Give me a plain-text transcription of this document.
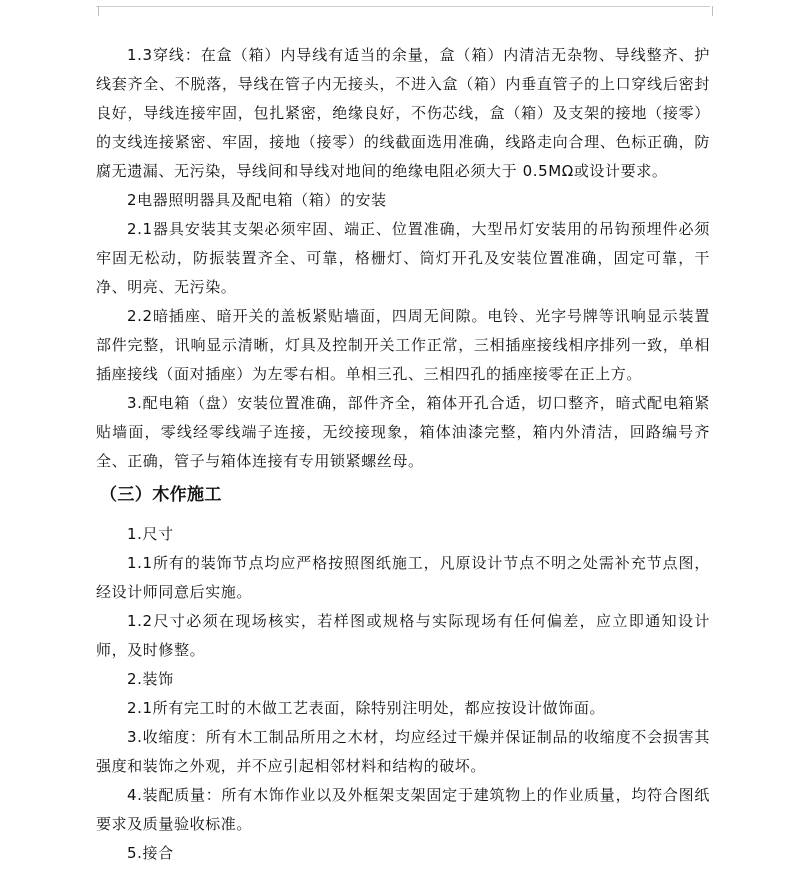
1.3穿线：在盒（箱）内导线有适当的余量，盒（箱）内清洁无杂物、导线整齐、护线套齐全、不脱落，导线在管子内无接头，不进入盒（箱）内垂直管子的上口穿线后密封良好，导线连接牢固，包扎紧密，绝缘良好，不伤芯线，盒（箱）及支架的接地（接零）的支线连接紧密、牢固，接地（接零）的线截面选用准确，线路走向合理、色标正确，防腐无遗漏、无污染，导线间和导线对地间的绝缘电阻必须大于 0.5MΩ或设计要求。

2电器照明器具及配电箱（箱）的安装

2.1器具安装其支架必须牢固、端正、位置准确，大型吊灯安装用的吊钩预埋件必须牢固无松动，防振装置齐全、可靠，格栅灯、筒灯开孔及安装位置准确，固定可靠，干净、明亮、无污染。

2.2暗插座、暗开关的盖板紧贴墙面，四周无间隙。电铃、光字号牌等讯响显示装置部件完整，讯响显示清晰，灯具及控制开关工作正常，三相插座接线相序排列一致，单相插座接线（面对插座）为左零右相。单相三孔、三相四孔的插座接零在正上方。

3.配电箱（盘）安装位置准确，部件齐全，箱体开孔合适，切口整齐，暗式配电箱紧贴墙面，零线经零线端子连接，无绞接现象，箱体油漆完整，箱内外清洁，回路编号齐全、正确，管子与箱体连接有专用锁紧螺丝母。

（三）木作施工

1.尺寸

1.1所有的装饰节点均应严格按照图纸施工，凡原设计节点不明之处需补充节点图，经设计师同意后实施。

1.2尺寸必须在现场核实，若样图或规格与实际现场有任何偏差，应立即通知设计师，及时修整。

2.装饰

2.1所有完工时的木做工艺表面，除特别注明处，都应按设计做饰面。

3.收缩度：所有木工制品所用之木材，均应经过干燥并保证制品的收缩度不会损害其强度和装饰之外观，并不应引起相邻材料和结构的破坏。

4.装配质量：所有木饰作业以及外框架支架固定于建筑物上的作业质量，均符合图纸要求及质量验收标准。

5.接合
